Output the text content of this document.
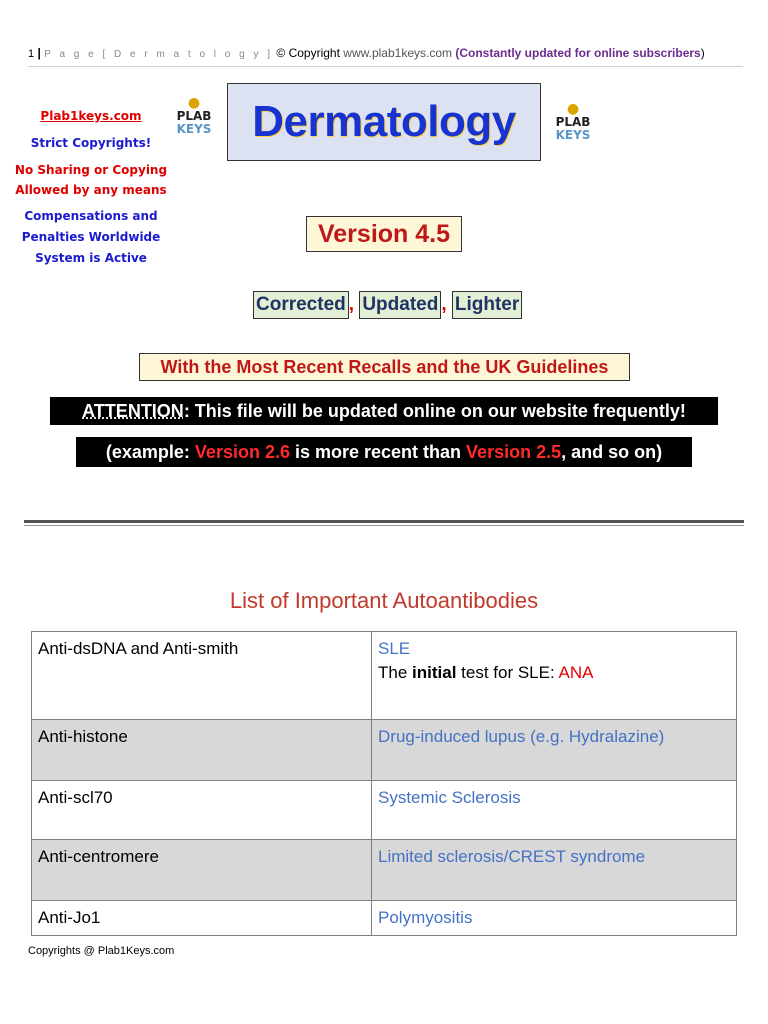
1 | P a g e [ D e r m a t o l o g y ] © Copyright www.plab1keys.com (Constantly updated for online subscribers)

Plab1keys.com

Strict Copyrights!

No Sharing or Copying
Allowed by any means

Compensations and
Penalties Worldwide
System is Active

●
PLAB
KEYS
●
PLAB
KEYS
Dermatology
Version 4.5
Corrected , Updated , Lighter
With the Most Recent Recalls and the UK Guidelines
ATTENTION: This file will be updated online on our website frequently!
(example: Version 2.6 is more recent than Version 2.5, and so on)
List of Important Autoantibodies
Anti-dsDNA and Anti-smith	SLE
The initial test for SLE: ANA
Anti-histone	Drug-induced lupus (e.g. Hydralazine)
Anti-scl70	Systemic Sclerosis
Anti-centromere	Limited sclerosis/CREST syndrome
Anti-Jo1	Polymyositis
Copyrights @ Plab1Keys.com
